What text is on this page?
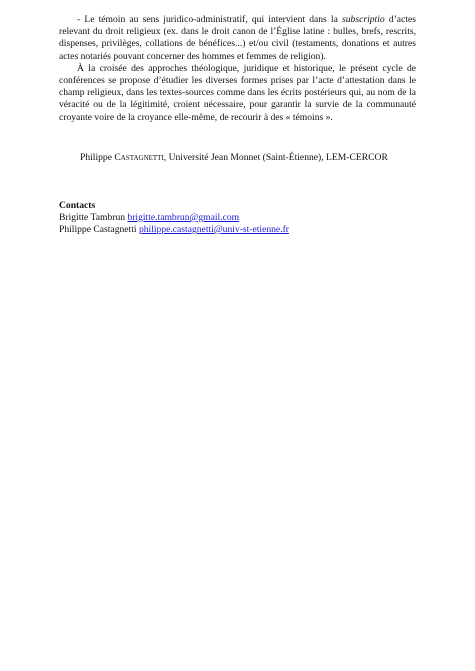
- Le témoin au sens juridico-administratif, qui intervient dans la subscriptio d’actes relevant du droit religieux (ex. dans le droit canon de l’Église latine : bulles, brefs, rescrits, dispenses, privilèges, collations de bénéfices...) et/ou civil (testaments, donations et autres actes notariés pouvant concerner des hommes et femmes de religion).

À la croisée des approches théologique, juridique et historique, le présent cycle de conférences se propose d’étudier les diverses formes prises par l’acte d’attestation dans le champ religieux, dans les textes-sources comme dans les écrits postérieurs qui, au nom de la véracité ou de la légitimité, croient nécessaire, pour garantir la survie de la communauté croyante voire de la croyance elle-même, de recourir à des « témoins ».

Philippe Castagnetti, Université Jean Monnet (Saint-Étienne), LEM-CERCOR
Contacts
Brigitte Tambrun brigitte.tambrun@gmail.com
Philippe Castagnetti philippe.castagnetti@univ-st-etienne.fr
